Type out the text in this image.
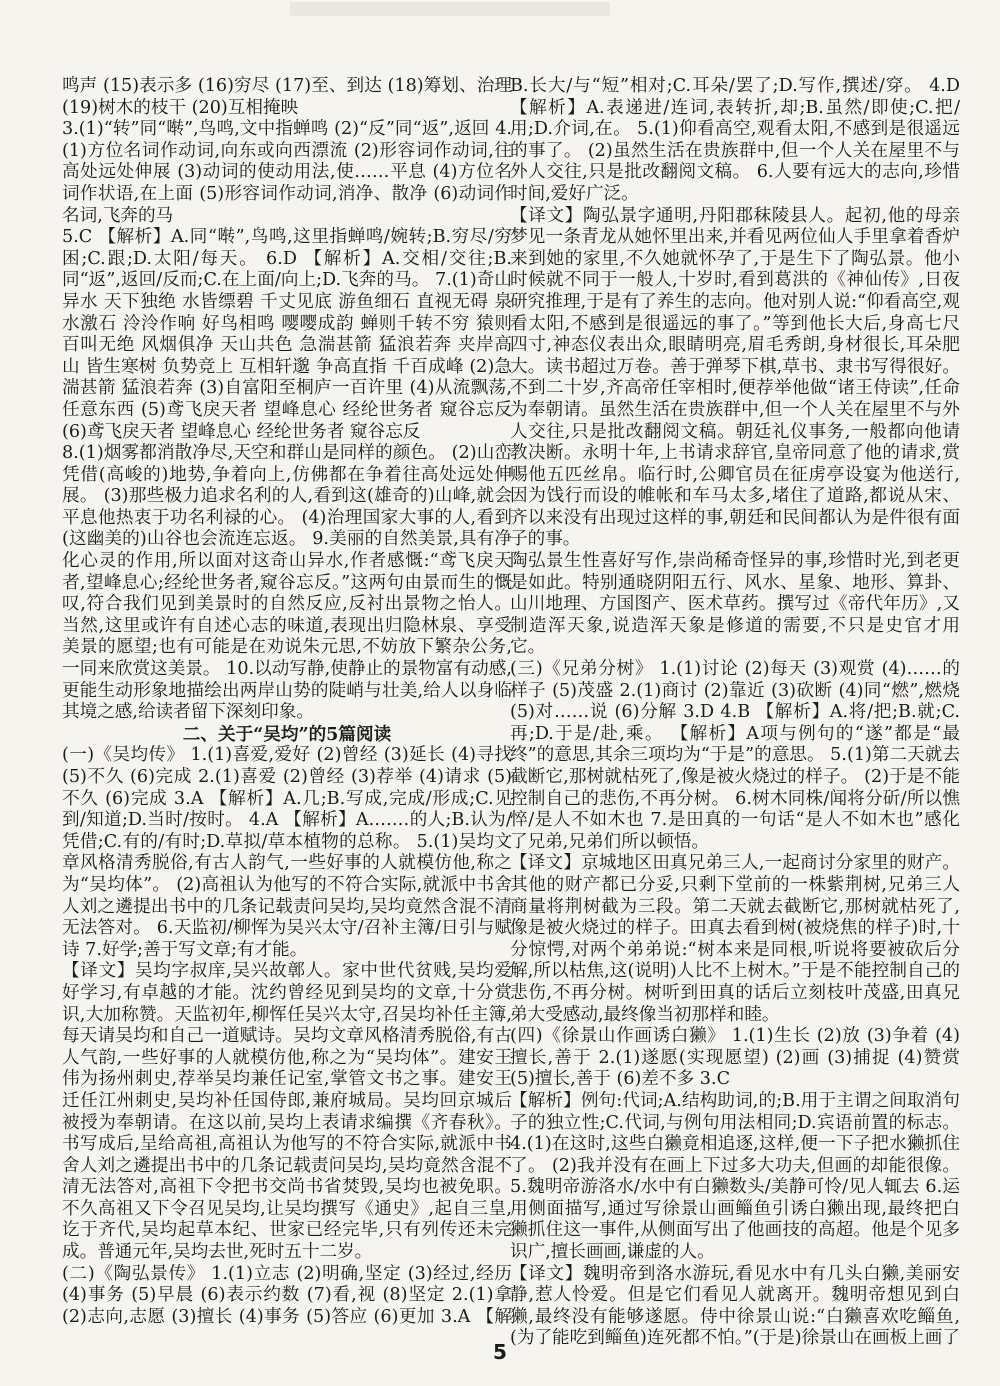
鸣声 (15)表示多 (16)穷尽 (17)至、到达 (18)筹划、治理 (19)树木的枝干 (20)互相掩映

3.(1)“转”同“啭”,鸟鸣,文中指蝉鸣 (2)“反”同“返”,返回 4.(1)方位名词作动词,向东或向西漂流 (2)形容词作动词,往高处远处伸展 (3)动词的使动用法,使……平息 (4)方位名词作状语,在上面 (5)形容词作动词,消净、散净 (6)动词作名词,飞奔的马

5.C 【解析】A.同“啭”,鸟鸣,这里指蝉鸣/婉转;B.穷尽/穷困;C.跟;D.太阳/每天。 6.D 【解析】A.交相/交往;B.同“返”,返回/反而;C.在上面/向上;D.飞奔的马。 7.(1)奇山异水 天下独绝 水皆缥碧 千丈见底 游鱼细石 直视无碍 泉水激石 泠泠作响 好鸟相鸣 嘤嘤成韵 蝉则千转不穷 猿则百叫无绝 风烟俱净 天山共色 急湍甚箭 猛浪若奔 夹岸高山 皆生寒树 负势竞上 互相轩邈 争高直指 千百成峰 (2)急湍甚箭 猛浪若奔 (3)自富阳至桐庐一百许里 (4)从流飘荡,任意东西 (5)鸢飞戾天者 望峰息心 经纶世务者 窥谷忘反 (6)鸢飞戾天者 望峰息心 经纶世务者 窥谷忘反

8.(1)烟雾都消散净尽,天空和群山是同样的颜色。 (2)山峦凭借(高峻的)地势,争着向上,仿佛都在争着往高处远处伸展。 (3)那些极力追求名利的人,看到这(雄奇的)山峰,就会平息他热衷于功名利禄的心。 (4)治理国家大事的人,看到(这幽美的)山谷也会流连忘返。 9.美丽的自然美景,具有净化心灵的作用,所以面对这奇山异水,作者感慨:“鸢飞戾天者,望峰息心;经纶世务者,窥谷忘反。”这两句由景而生的慨叹,符合我们见到美景时的自然反应,反衬出景物之怡人。当然,这里或许有自述心志的味道,表现出归隐林泉、享受美景的愿望;也有可能是在劝说朱元思,不妨放下繁杂公务,一同来欣赏这美景。 10.以动写静,使静止的景物富有动感,更能生动形象地描绘出两岸山势的陡峭与壮美,给人以身临其境之感,给读者留下深刻印象。

二、关于“吴均”的5篇阅读

(一)《吴均传》 1.(1)喜爱,爱好 (2)曾经 (3)延长 (4)寻找 (5)不久 (6)完成 2.(1)喜爱 (2)曾经 (3)荐举 (4)请求 (5)不久 (6)完成 3.A 【解析】A.几;B.写成,完成/形成;C.见到/知道;D.当时/按时。 4.A 【解析】A.……的人;B.认为/凭借;C.有的/有时;D.草拟/草本植物的总称。 5.(1)吴均文章风格清秀脱俗,有古人韵气,一些好事的人就模仿他,称之为“吴均体”。 (2)高祖认为他写的不符合实际,就派中书舍人刘之遴提出书中的几条记载责问吴均,吴均竟然含混不清无法答对。 6.天监初/柳恽为吴兴太守/召补主簿/日引与赋诗 7.好学;善于写文章;有才能。

【译文】吴均字叔庠,吴兴故鄣人。家中世代贫贱,吴均爱好学习,有卓越的才能。沈约曾经见到吴均的文章,十分赏识,大加称赞。天监初年,柳恽任吴兴太守,召吴均补任主簿,每天请吴均和自己一道赋诗。吴均文章风格清秀脱俗,有古人气韵,一些好事的人就模仿他,称之为“吴均体”。建安王伟为扬州刺史,荐举吴均兼任记室,掌管文书之事。建安王迁任江州刺史,吴均补任国侍郎,兼府城局。吴均回京城后被授为奉朝请。在这以前,吴均上表请求编撰《齐春秋》。书写成后,呈给高祖,高祖认为他写的不符合实际,就派中书舍人刘之遴提出书中的几条记载责问吴均,吴均竟然含混不清无法答对,高祖下令把书交尚书省焚毁,吴均也被免职。不久高祖又下令召见吴均,让吴均撰写《通史》,起自三皇,讫于齐代,吴均起草本纪、世家已经完毕,只有列传还未完成。普通元年,吴均去世,死时五十二岁。

(二)《陶弘景传》 1.(1)立志 (2)明确,坚定 (3)经过,经历 (4)事务 (5)早晨 (6)表示约数 (7)看,视 (8)坚定 2.(1)拿 (2)志向,志愿 (3)擅长 (4)事务 (5)答应 (6)更加 3.A 【解

B.长大/与“短”相对;C.耳朵/罢了;D.写作,撰述/穿。 4.D 【解析】A.表递进/连词,表转折,却;B.虽然/即使;C.把/用;D.介词,在。 5.(1)仰看高空,观看太阳,不感到是很遥远的事了。 (2)虽然生活在贵族群中,但一个人关在屋里不与外人交往,只是批改翻阅文稿。 6.人要有远大的志向,珍惜时间,爱好广泛。

【译文】陶弘景字通明,丹阳郡秣陵县人。起初,他的母亲梦见一条青龙从她怀里出来,并看见两位仙人手里拿着香炉来到她的家里,不久她就怀孕了,于是生下了陶弘景。他小时候就不同于一般人,十岁时,看到葛洪的《神仙传》,日夜研究推理,于是有了养生的志向。他对别人说:“仰看高空,观看太阳,不感到是很遥远的事了。”等到他长大后,身高七尺四寸,神态仪表出众,眼睛明亮,眉毛秀朗,身材很长,耳朵肥大。读书超过万卷。善于弹琴下棋,草书、隶书写得很好。不到二十岁,齐高帝任宰相时,便荐举他做“诸王侍读”,任命为奉朝请。虽然生活在贵族群中,但一个人关在屋里不与外人交往,只是批改翻阅文稿。朝廷礼仪事务,一般都向他请教决断。永明十年,上书请求辞官,皇帝同意了他的请求,赏赐他五匹丝帛。临行时,公卿官员在征虏亭设宴为他送行,因为饯行而设的帷帐和车马太多,堵住了道路,都说从宋、齐以来没有出现过这样的事,朝廷和民间都认为是件很有面子的事。

陶弘景生性喜好写作,崇尚稀奇怪异的事,珍惜时光,到老更是如此。特别通晓阴阳五行、风水、星象、地形、算卦、山川地理、方国图产、医术草药。撰写过《帝代年历》,又制造浑天象,说造浑天象是修道的需要,不只是史官才用它。

(三)《兄弟分树》 1.(1)讨论 (2)每天 (3)观赏 (4)……的样子 (5)茂盛 2.(1)商讨 (2)靠近 (3)砍断 (4)同“燃”,燃烧 (5)对……说 (6)分解 3.D 4.B 【解析】A.将/把;B.就;C.再;D.于是/赴,乘。 【解析】A项与例句的“遂”都是“最终”的意思,其余三项均为“于是”的意思。 5.(1)第二天就去截断它,那树就枯死了,像是被火烧过的样子。 (2)于是不能控制自己的悲伤,不再分树。 6.树木同株/闻将分斫/所以憔悴/是人不如木也 7.是田真的一句话“是人不如木也”感化了兄弟,兄弟们所以顿悟。

【译文】京城地区田真兄弟三人,一起商讨分家里的财产。其他的财产都已分妥,只剩下堂前的一株紫荆树,兄弟三人商量将荆树截为三段。第二天就去截断它,那树就枯死了,像是被火烧过的样子。田真去看到树(被烧焦的样子)时,十分惊愕,对两个弟弟说:“树本来是同根,听说将要被砍后分解,所以枯焦,这(说明)人比不上树木。”于是不能控制自己的悲伤,不再分树。树听到田真的话后立刻枝叶茂盛,田真兄弟大受感动,最终像当初那样和睦。

(四)《徐景山作画诱白獭》 1.(1)生长 (2)放 (3)争着 (4)擅长,善于 2.(1)遂愿(实现愿望) (2)画 (3)捕捉 (4)赞赏 (5)擅长,善于 (6)差不多 3.C

【解析】例句:代词;A.结构助词,的;B.用于主谓之间取消句子的独立性;C.代词,与例句用法相同;D.宾语前置的标志。 4.(1)在这时,这些白獭竟相追逐,这样,便一下子把水獭抓住了。 (2)我并没有在画上下过多大功夫,但画的却能很像。 5.魏明帝游洛水/水中有白獭数头/美静可怜/见人辄去 6.运用侧面描写,通过写徐景山画鲻鱼引诱白獭出现,最终把白獭抓住这一事件,从侧面写出了他画技的高超。他是个见多识广,擅长画画,谦虚的人。

【译文】魏明帝到洛水游玩,看见水中有几头白獭,美丽安静,惹人怜爱。但是它们看见人就离开。魏明帝想见到白獭,最终没有能够遂愿。侍中徐景山说:“白獭喜欢吃鲻鱼,(为了能吃到鲻鱼)连死都不怕。”(于是)徐景山在画板上画了

5
